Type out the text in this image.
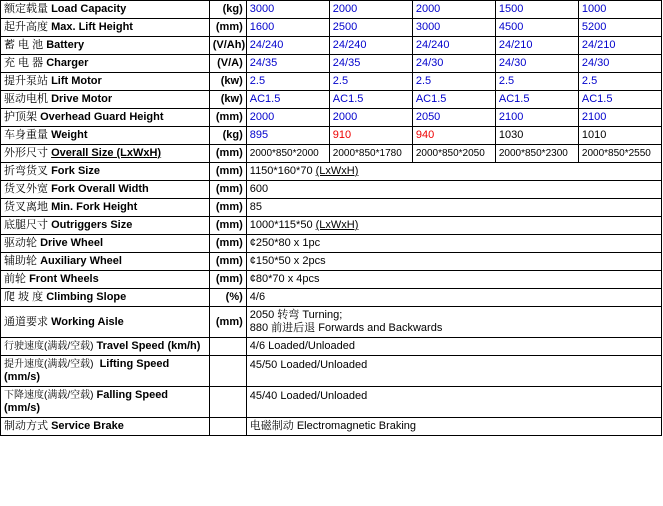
额定载量 Load Capacity	(kg)	3000	2000	2000	1500	1000
起升高度 Max. Lift Height	(mm)	1600	2500	3000	4500	5200
蓄 电 池 Battery	(V/Ah)	24/240	24/240	24/240	24/210	24/210
充 电 器 Charger	(V/A)	24/35	24/35	24/30	24/30	24/30
提升泵站 Lift Motor	(kw)	2.5	2.5	2.5	2.5	2.5
驱动电机 Drive Motor	(kw)	AC1.5	AC1.5	AC1.5	AC1.5	AC1.5
护顶架 Overhead Guard Height	(mm)	2000	2000	2050	2100	2100
车身重量 Weight	(kg)	895	910	940	1030	1010
外形尺寸 Overall Size (LxWxH)	(mm)	2000*850*2000	2000*850*1780	2000*850*2050	2000*850*2300	2000*850*2550
折弯货叉 Fork Size	(mm)	1150*160*70 (LxWxH)				
货叉外宽 Fork Overall Width	(mm)	600				
货叉离地 Min. Fork Height	(mm)	85				
底腿尺寸 Outriggers Size	(mm)	1000*115*50 (LxWxH)				
驱动轮 Drive Wheel	(mm)	¢250*80 x 1pc				
辅助轮 Auxiliary Wheel	(mm)	¢150*50 x 2pcs				
前轮 Front Wheels	(mm)	¢80*70 x 4pcs				
爬 坡 度 Climbing Slope	(%)	4/6				
通道要求 Working Aisle	(mm)	2050 转弯 Turning;
880 前进后退 Forwards and Backwards				

行驶速度(满载/空载) Travel Speed (km/h)		4/6 Loaded/Unloaded				
提升速度(满载/空载) Lifting Speed
(mm/s)		45/50 Loaded/Unloaded				
下降速度(满载/空载) Falling Speed
(mm/s)		45/40 Loaded/Unloaded				
制动方式 Service Brake		电磁制动 Electromagnetic Braking				
